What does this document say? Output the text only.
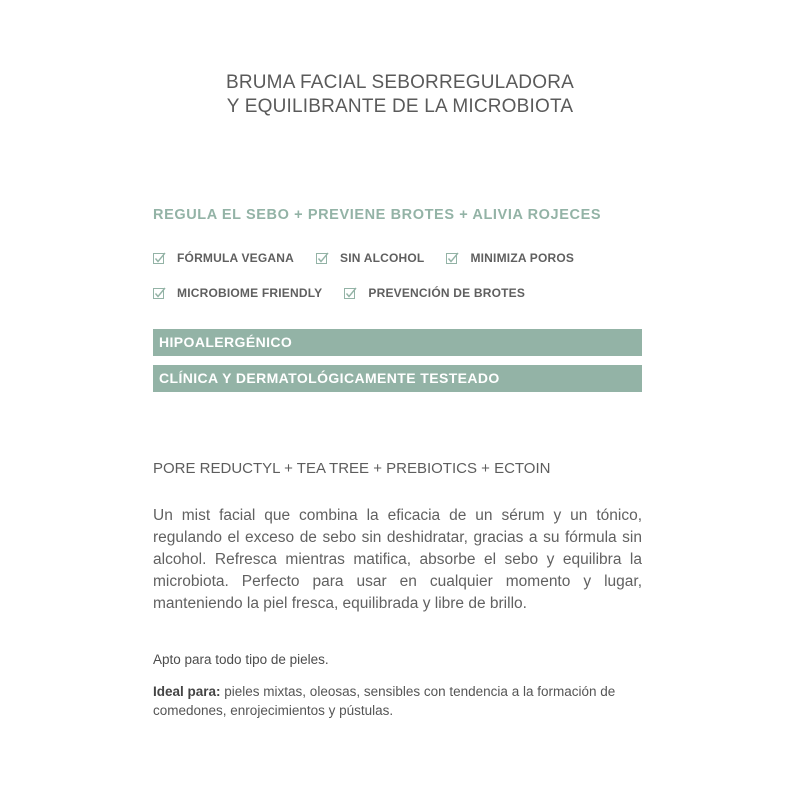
BRUMA FACIAL SEBORREGULADORA
Y EQUILIBRANTE DE LA MICROBIOTA
REGULA EL SEBO + PREVIENE BROTES + ALIVIA ROJECES
FÓRMULA VEGANA	SIN ALCOHOL	MINIMIZA POROS
MICROBIOME FRIENDLY	PREVENCIÓN DE BROTES
HIPOALERGÉNICO
CLÍNICA Y DERMATOLÓGICAMENTE TESTEADO
PORE REDUCTYL + TEA TREE + PREBIOTICS + ECTOIN

Un mist facial que combina la eficacia de un sérum y un tónico, regulando el exceso de sebo sin deshidratar, gracias a su fórmula sin alcohol. Refresca mientras matifica, absorbe el sebo y equilibra la microbiota. Perfecto para usar en cualquier momento y lugar, manteniendo la piel fresca, equilibrada y libre de brillo.

Apto para todo tipo de pieles.

Ideal para: pieles mixtas, oleosas, sensibles con tendencia a la formación de comedones, enrojecimientos y pústulas.
